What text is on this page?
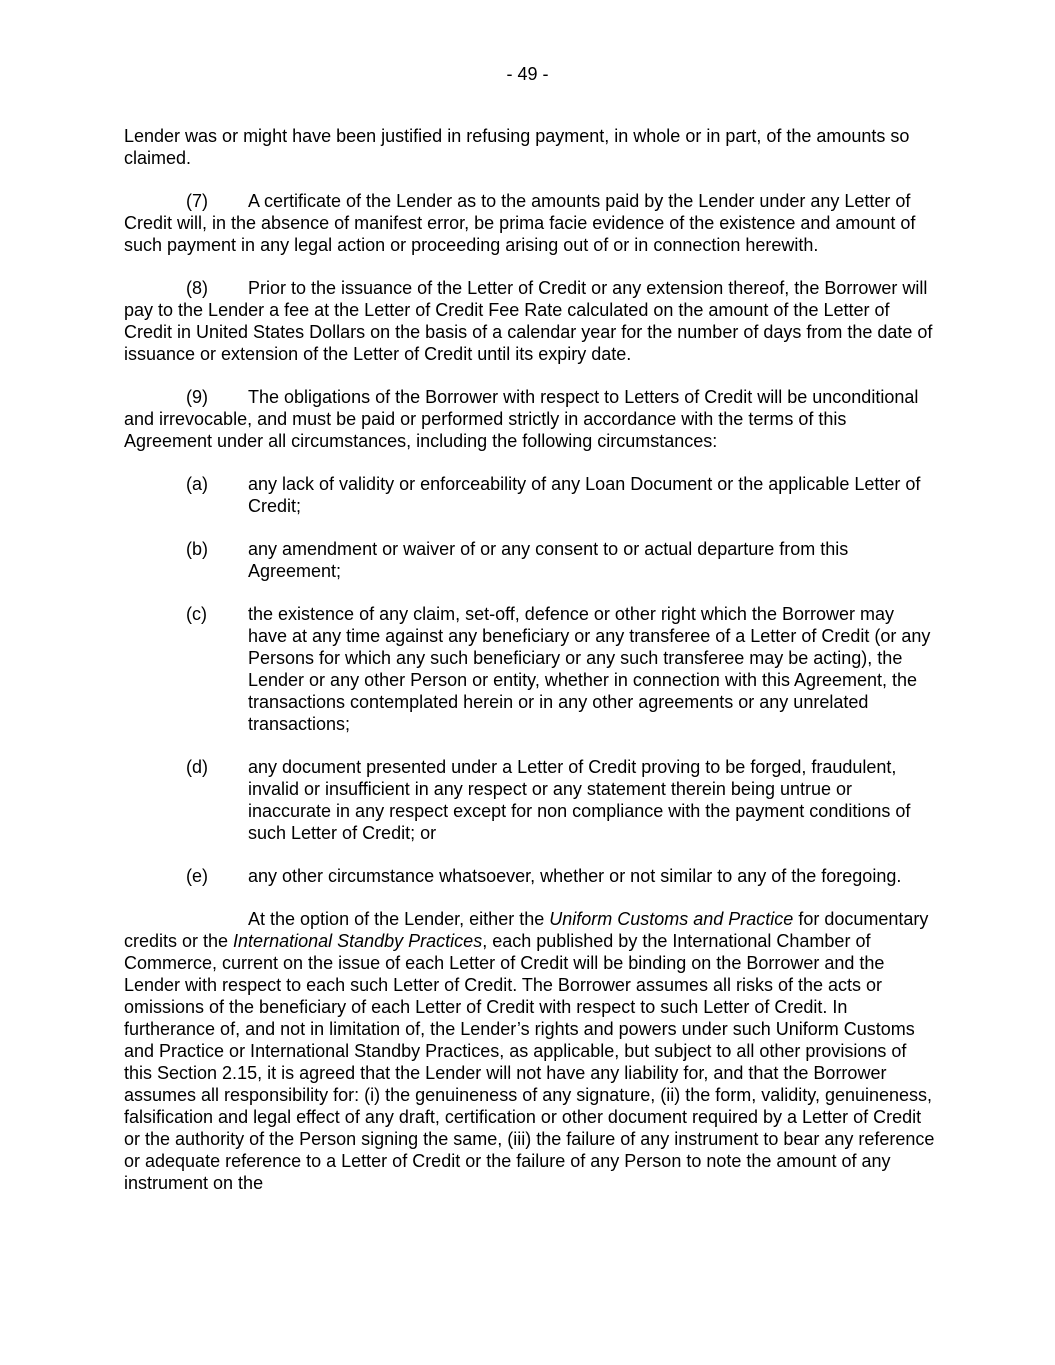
- 49 -

Lender was or might have been justified in refusing payment, in whole or in part, of the amounts so claimed.

(7) A certificate of the Lender as to the amounts paid by the Lender under any Letter of Credit will, in the absence of manifest error, be prima facie evidence of the existence and amount of such payment in any legal action or proceeding arising out of or in connection herewith.

(8) Prior to the issuance of the Letter of Credit or any extension thereof, the Borrower will pay to the Lender a fee at the Letter of Credit Fee Rate calculated on the amount of the Letter of Credit in United States Dollars on the basis of a calendar year for the number of days from the date of issuance or extension of the Letter of Credit until its expiry date.

(9) The obligations of the Borrower with respect to Letters of Credit will be unconditional and irrevocable, and must be paid or performed strictly in accordance with the terms of this Agreement under all circumstances, including the following circumstances:

(a)	any lack of validity or enforceability of any Loan Document or the applicable Letter of Credit;
(b)	any amendment or waiver of or any consent to or actual departure from this Agreement;
(c)	the existence of any claim, set-off, defence or other right which the Borrower may have at any time against any beneficiary or any transferee of a Letter of Credit (or any Persons for which any such beneficiary or any such transferee may be acting), the Lender or any other Person or entity, whether in connection with this Agreement, the transactions contemplated herein or in any other agreements or any unrelated transactions;
(d)	any document presented under a Letter of Credit proving to be forged, fraudulent, invalid or insufficient in any respect or any statement therein being untrue or inaccurate in any respect except for non compliance with the payment conditions of such Letter of Credit; or
(e)	any other circumstance whatsoever, whether or not similar to any of the foregoing.

At the option of the Lender, either the Uniform Customs and Practice for documentary credits or the International Standby Practices, each published by the International Chamber of Commerce, current on the issue of each Letter of Credit will be binding on the Borrower and the Lender with respect to each such Letter of Credit. The Borrower assumes all risks of the acts or omissions of the beneficiary of each Letter of Credit with respect to such Letter of Credit. In furtherance of, and not in limitation of, the Lender’s rights and powers under such Uniform Customs and Practice or International Standby Practices, as applicable, but subject to all other provisions of this Section 2.15, it is agreed that the Lender will not have any liability for, and that the Borrower assumes all responsibility for: (i) the genuineness of any signature, (ii) the form, validity, genuineness, falsification and legal effect of any draft, certification or other document required by a Letter of Credit or the authority of the Person signing the same, (iii) the failure of any instrument to bear any reference or adequate reference to a Letter of Credit or the failure of any Person to note the amount of any instrument on the
